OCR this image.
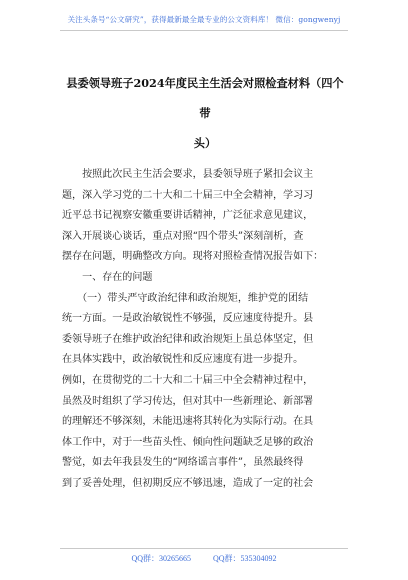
关注头条号“公文研究”，获得最新最全最专业的公文资料库！ 微信：gongwenyj
县委领导班子2024年度民主生活会对照检查材料（四个带
头）
　　按照此次民主生活会要求，县委领导班子紧扣会议主
题，深入学习党的二十大和二十届三中全会精神，学习习
近平总书记视察安徽重要讲话精神，广泛征求意见建议，
深入开展谈心谈话，重点对照“四个带头”深刻剖析，查
摆存在问题，明确整改方向。现将对照检查情况报告如下：
　　一、存在的问题
　　（一）带头严守政治纪律和政治规矩，维护党的团结
统一方面。一是政治敏锐性不够强，反应速度待提升。县
委领导班子在维护政治纪律和政治规矩上虽总体坚定，但
在具体实践中，政治敏锐性和反应速度有进一步提升。
例如，在贯彻党的二十大和二十届三中全会精神过程中，
虽然及时组织了学习传达，但对其中一些新理论、新部署
的理解还不够深刻，未能迅速将其转化为实际行动。在具
体工作中，对于一些苗头性、倾向性问题缺乏足够的政治
警觉，如去年我县发生的“网络谣言事件”，虽然最终得
到了妥善处理，但初期反应不够迅速，造成了一定的社会
QQ群：30265665	QQ群：535304092
